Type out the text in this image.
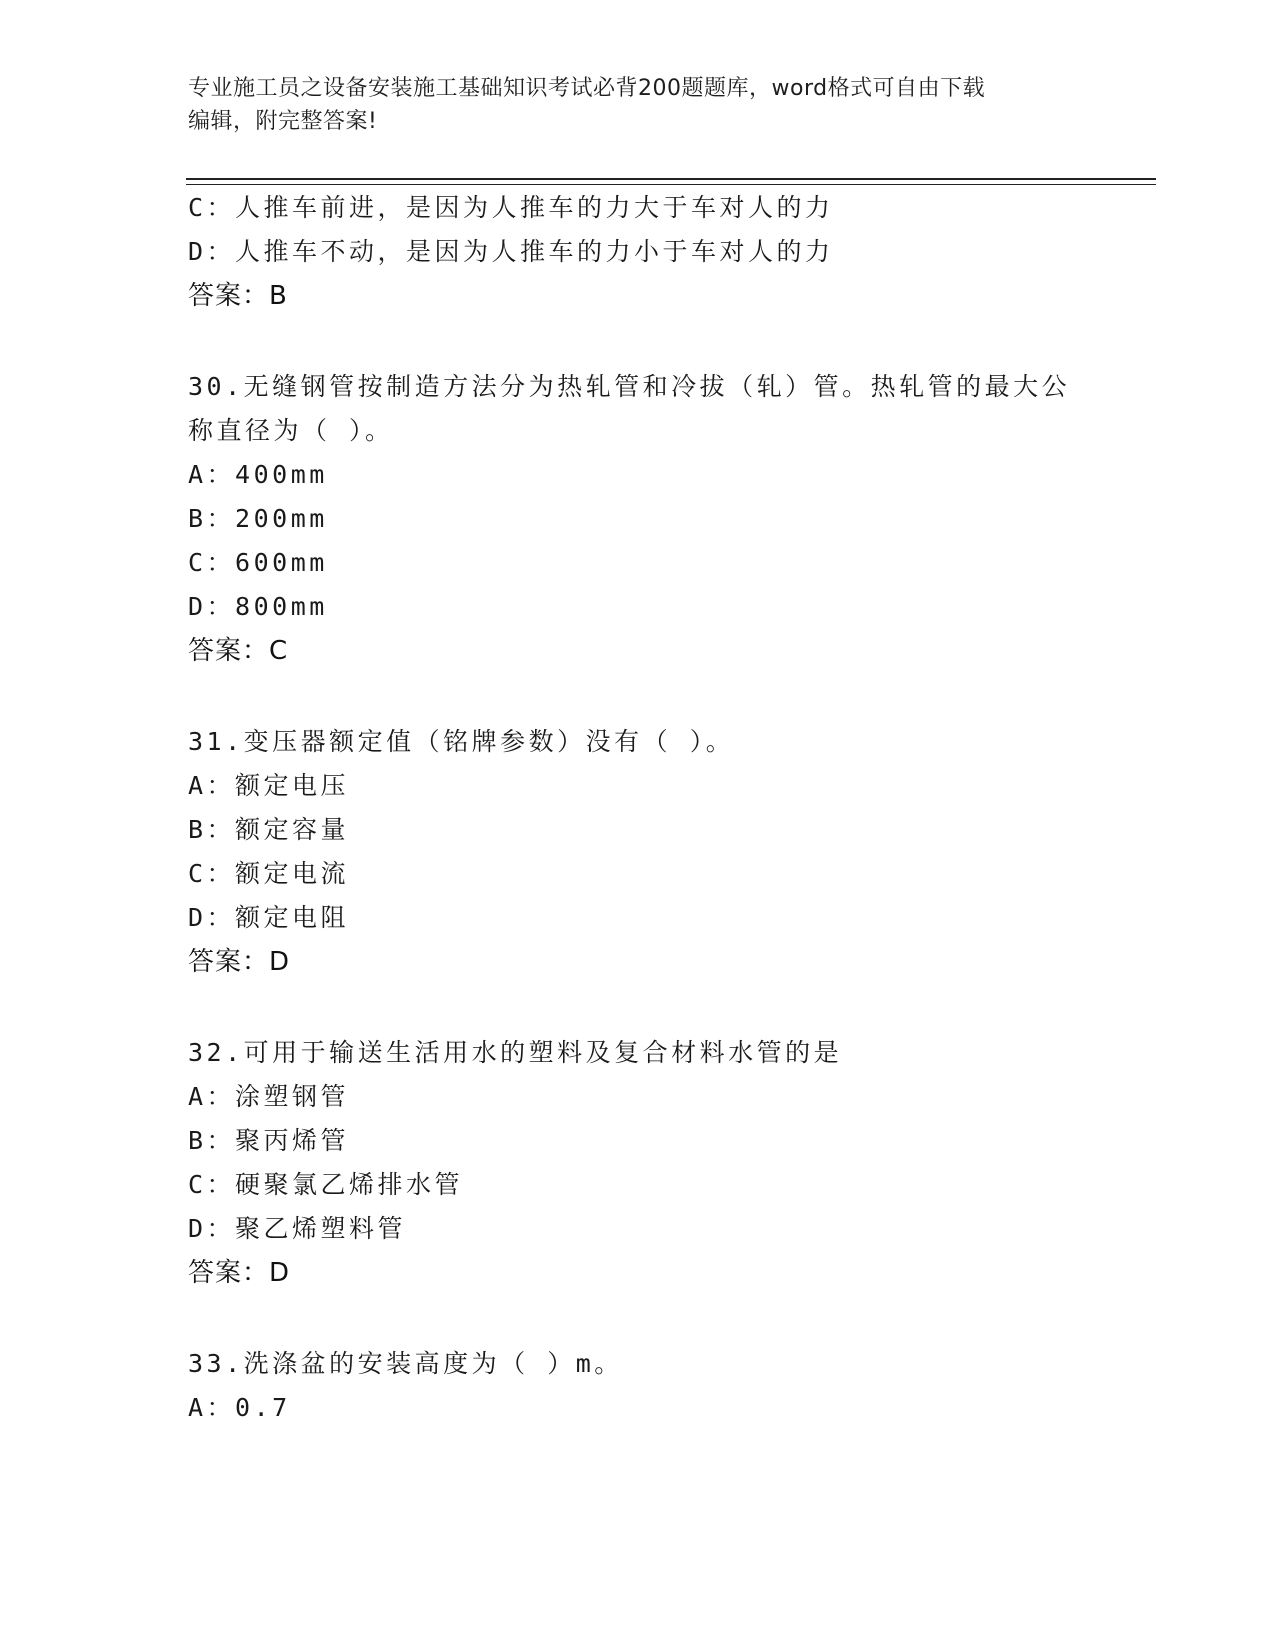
专业施工员之设备安装施工基础知识考试必背200题题库，word格式可自由下载
编辑，附完整答案!
C：人推车前进，是因为人推车的力大于车对人的力
D：人推车不动，是因为人推车的力小于车对人的力
答案：B
30.无缝钢管按制造方法分为热轧管和冷拔（轧）管。热轧管的最大公
称直径为（ ）。
A：400mm
B：200mm
C：600mm
D：800mm
答案：C
31.变压器额定值（铭牌参数）没有（ ）。
A：额定电压
B：额定容量
C：额定电流
D：额定电阻
答案：D
32.可用于输送生活用水的塑料及复合材料水管的是
A：涂塑钢管
B：聚丙烯管
C：硬聚氯乙烯排水管
D：聚乙烯塑料管
答案：D
33.洗涤盆的安装高度为（ ）m。
A：0.7
